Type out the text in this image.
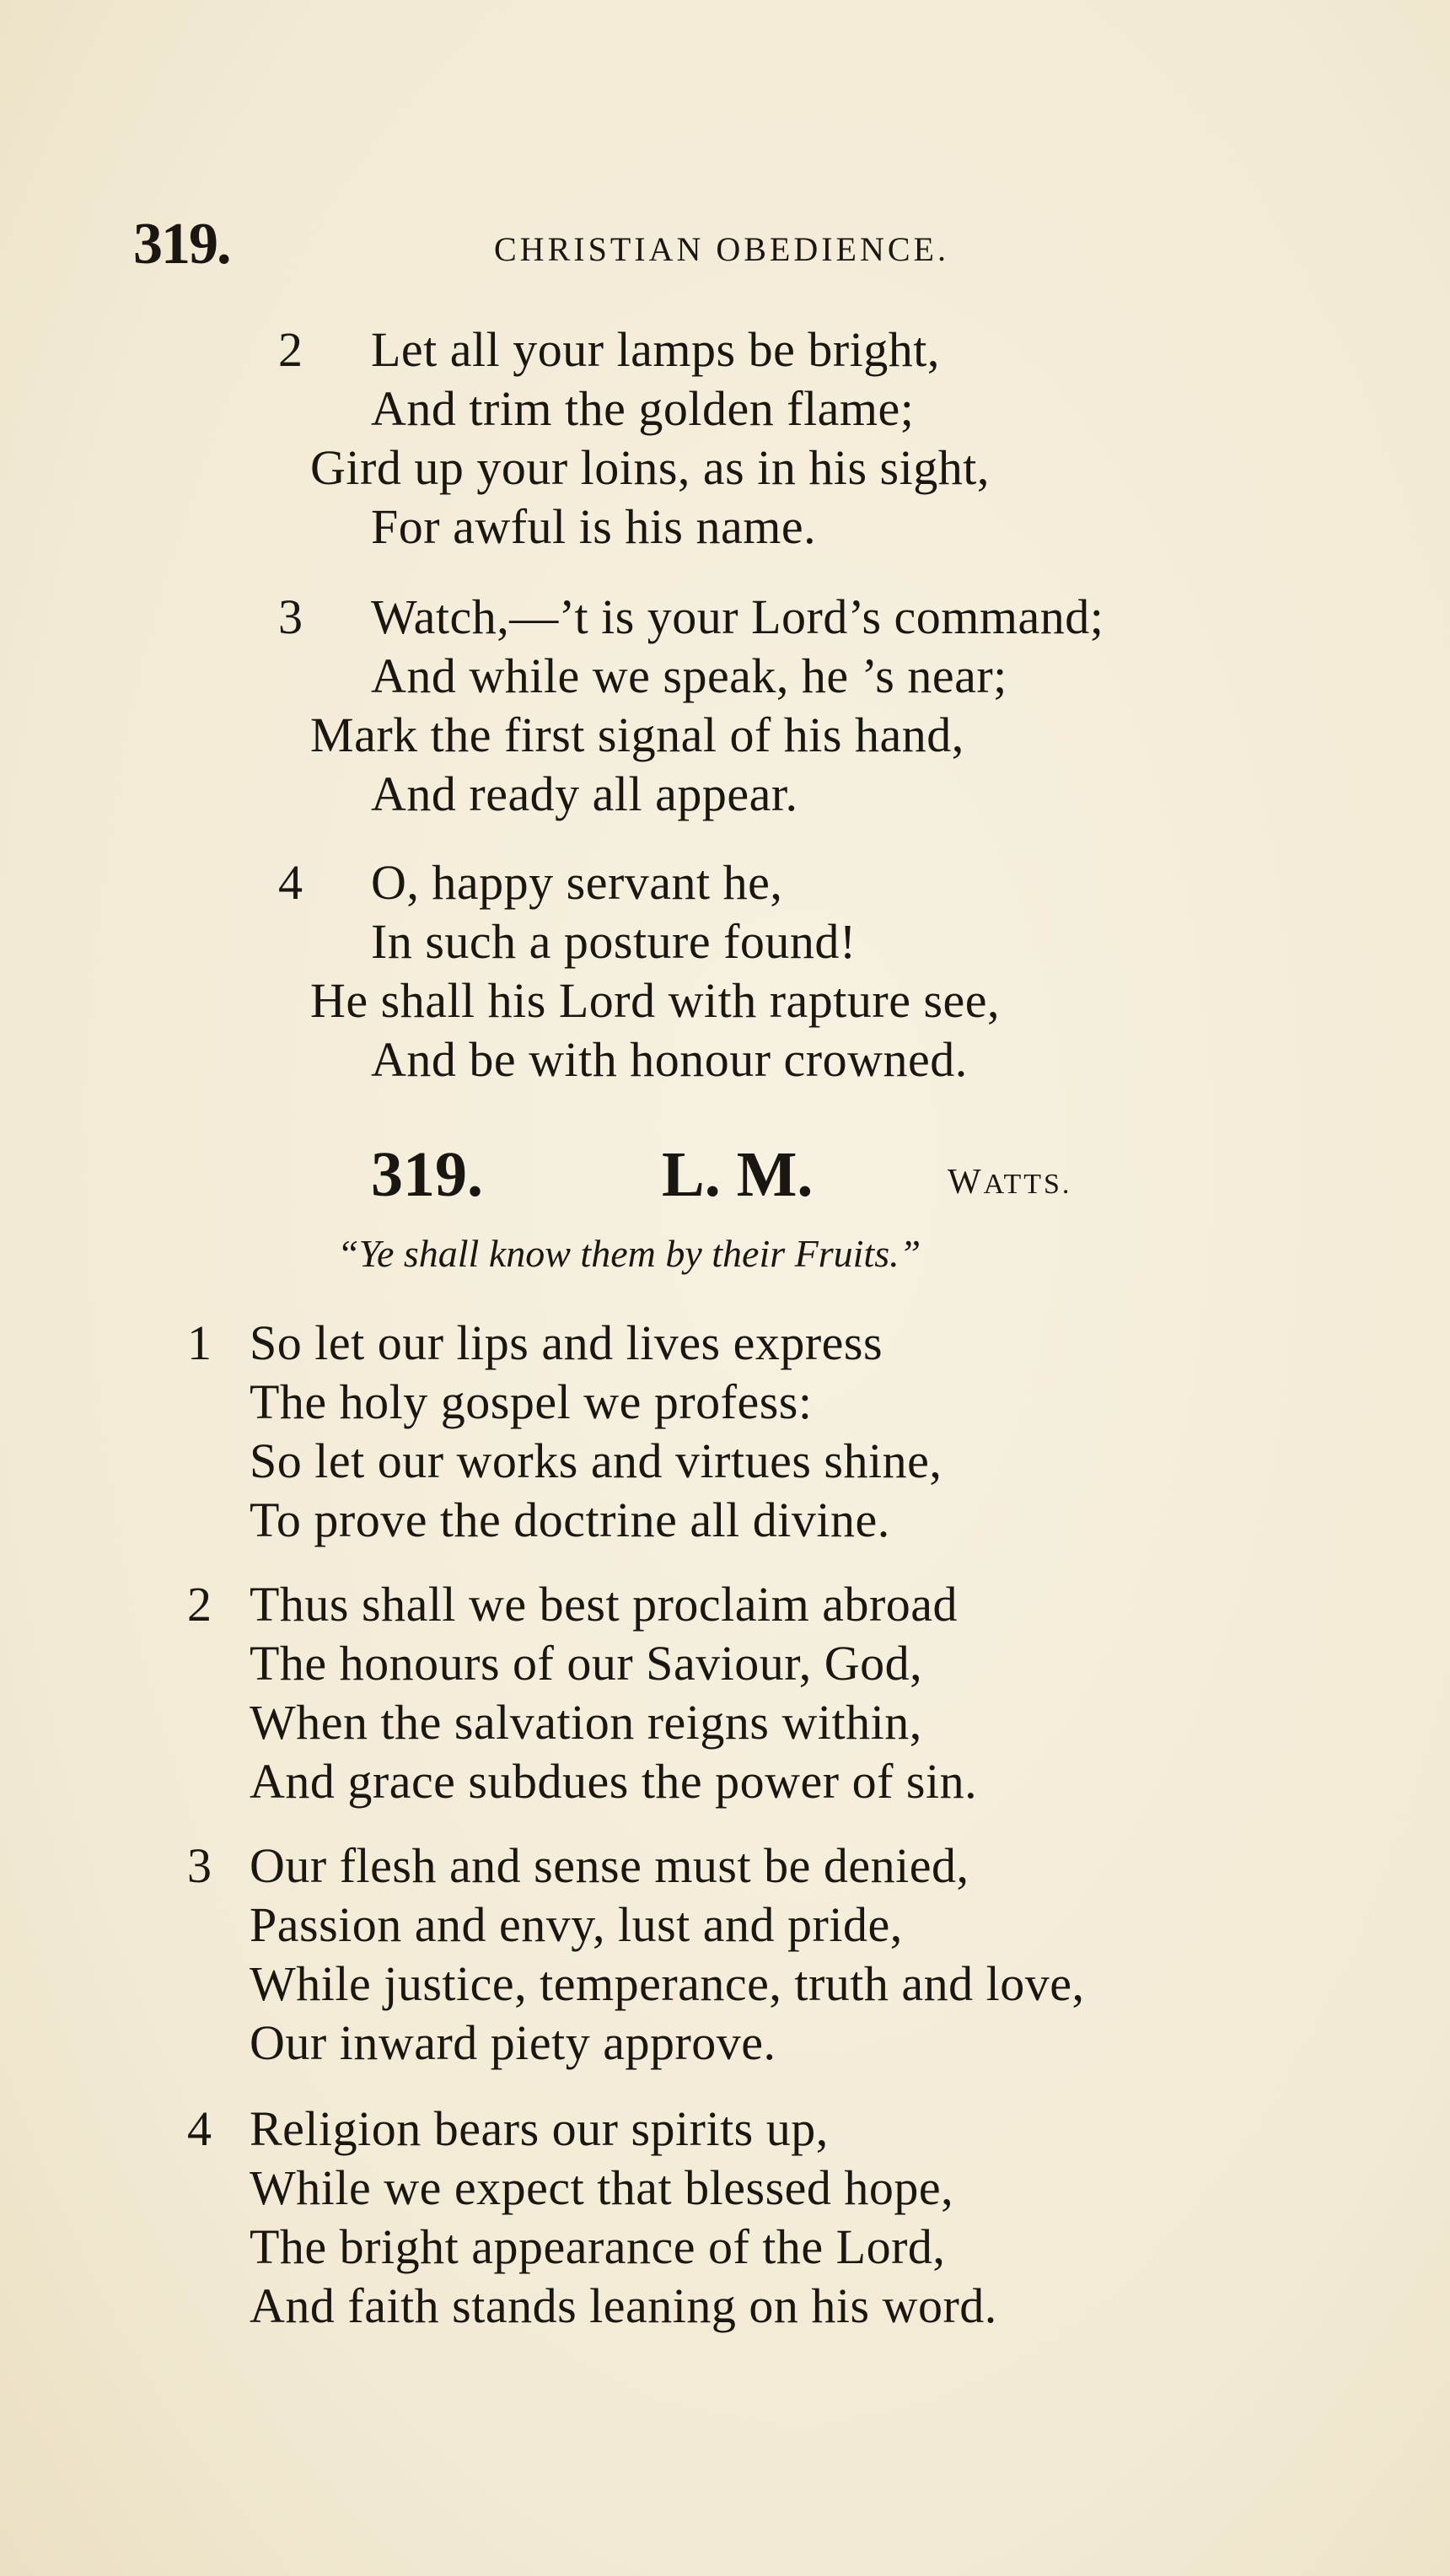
319.	CHRISTIAN OBEDIENCE.
2 Let all your lamps be bright,
And trim the golden flame;
Gird up your loins, as in his sight,
For awful is his name.
3 Watch,—’t is your Lord’s command;
And while we speak, he ’s near;
Mark the first signal of his hand,
And ready all appear.
4 O, happy servant he,
In such a posture found!
He shall his Lord with rapture see,
And be with honour crowned.
319.	L. M.	WATTS.
“Ye shall know them by their Fruits.”
1 So let our lips and lives express
The holy gospel we profess:
So let our works and virtues shine,
To prove the doctrine all divine.
2 Thus shall we best proclaim abroad
The honours of our Saviour, God,
When the salvation reigns within,
And grace subdues the power of sin.
3 Our flesh and sense must be denied,
Passion and envy, lust and pride,
While justice, temperance, truth and love,
Our inward piety approve.
4 Religion bears our spirits up,
While we expect that blessed hope,
The bright appearance of the Lord,
And faith stands leaning on his word.
